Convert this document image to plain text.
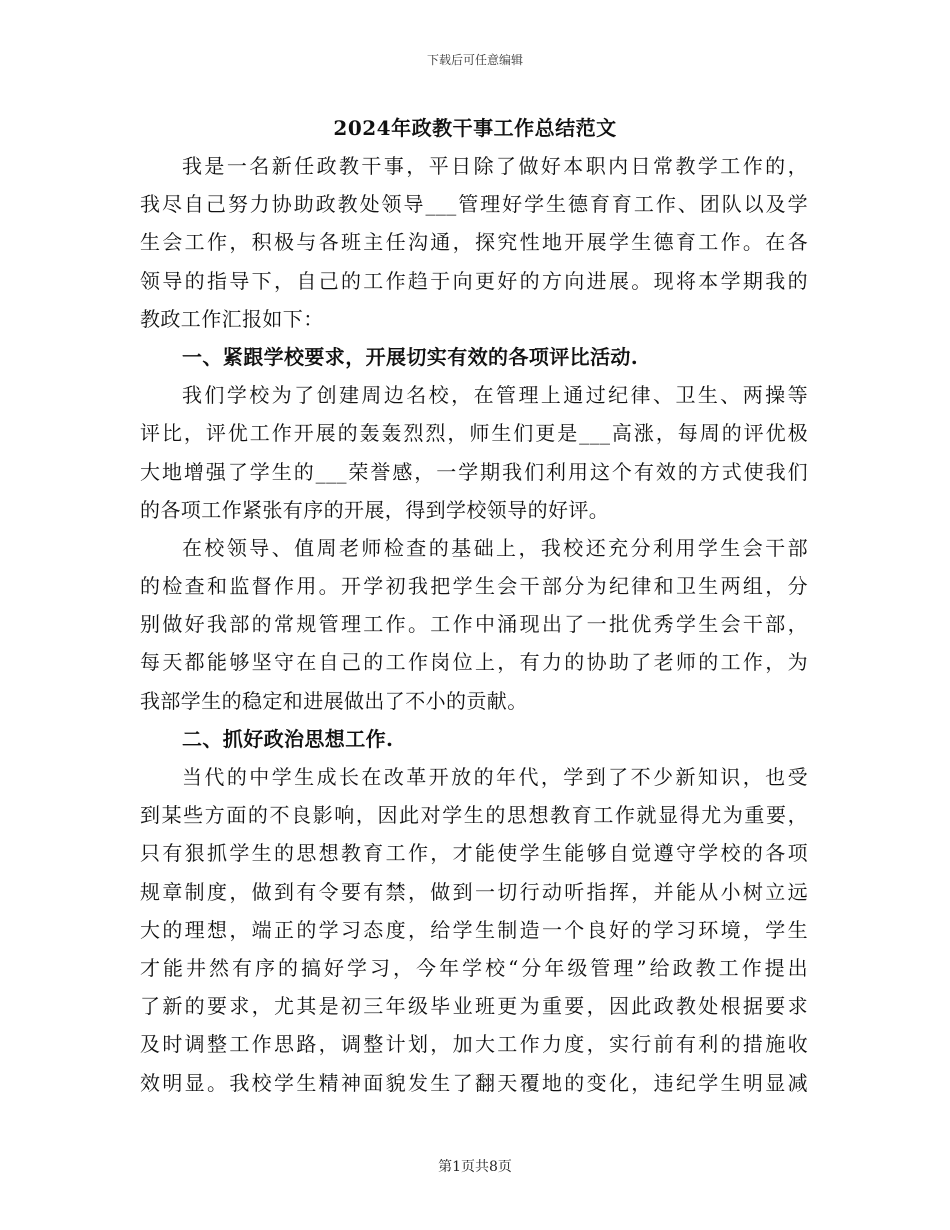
下载后可任意编辑
2024年政教干事工作总结范文
我是一名新任政教干事，平日除了做好本职内日常教学工作的，
我尽自己努力协助政教处领导___管理好学生德育育工作、团队以及学
生会工作，积极与各班主任沟通，探究性地开展学生德育工作。在各
领导的指导下，自己的工作趋于向更好的方向进展。现将本学期我的
教政工作汇报如下：
一、紧跟学校要求，开展切实有效的各项评比活动.
我们学校为了创建周边名校，在管理上通过纪律、卫生、两操等
评比，评优工作开展的轰轰烈烈，师生们更是___高涨，每周的评优极
大地增强了学生的___荣誉感，一学期我们利用这个有效的方式使我们
的各项工作紧张有序的开展，得到学校领导的好评。
在校领导、值周老师检查的基础上，我校还充分利用学生会干部
的检查和监督作用。开学初我把学生会干部分为纪律和卫生两组，分
别做好我部的常规管理工作。工作中涌现出了一批优秀学生会干部，
每天都能够坚守在自己的工作岗位上，有力的协助了老师的工作，为
我部学生的稳定和进展做出了不小的贡献。
二、抓好政治思想工作.
当代的中学生成长在改革开放的年代，学到了不少新知识，也受
到某些方面的不良影响，因此对学生的思想教育工作就显得尤为重要，
只有狠抓学生的思想教育工作，才能使学生能够自觉遵守学校的各项
规章制度，做到有令要有禁，做到一切行动听指挥，并能从小树立远
大的理想，端正的学习态度，给学生制造一个良好的学习环境，学生
才能井然有序的搞好学习，今年学校“分年级管理”给政教工作提出
了新的要求，尤其是初三年级毕业班更为重要，因此政教处根据要求
及时调整工作思路，调整计划，加大工作力度，实行前有利的措施收
效明显。我校学生精神面貌发生了翻天覆地的变化，违纪学生明显减
第1页共8页
